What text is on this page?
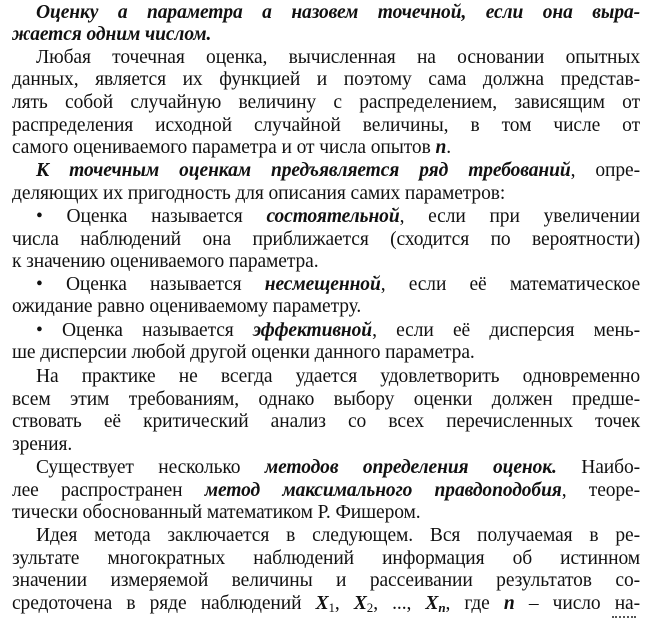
Оценку а параметра а назовем точечной, если она выра-
жается одним числом.
Любая точечная оценка, вычисленная на основании опытных
данных, является их функцией и поэтому сама должна представ-
лять собой случайную величину с распределением, зависящим от
распределения исходной случайной величины, в том числе от
самого оцениваемого параметра и от числа опытов n.
К точечным оценкам предъявляется ряд требований, опре-
деляющих их пригодность для описания самих параметров:
• Оценка называется состоятельной, если при увеличении
числа наблюдений она приближается (сходится по вероятности)
к значению оцениваемого параметра.
• Оценка называется несмещенной, если её математическое
ожидание равно оцениваемому параметру.
• Оценка называется эффективной, если её дисперсия мень-
ше дисперсии любой другой оценки данного параметра.
На практике не всегда удается удовлетворить одновременно
всем этим требованиям, однако выбору оценки должен предше-
ствовать её критический анализ со всех перечисленных точек
зрения.
Существует несколько методов определения оценок. Наибо-
лее распространен метод максимального правдоподобия, теоре-
тически обоснованный математиком Р. Фишером.
Идея метода заключается в следующем. Вся получаемая в ре-
зультате многократных наблюдений информация об истинном
значении измеряемой величины и рассеивании результатов со-
средоточена в ряде наблюдений $X_1$, $X_2$, ..., $X_n$, где n – число на-
